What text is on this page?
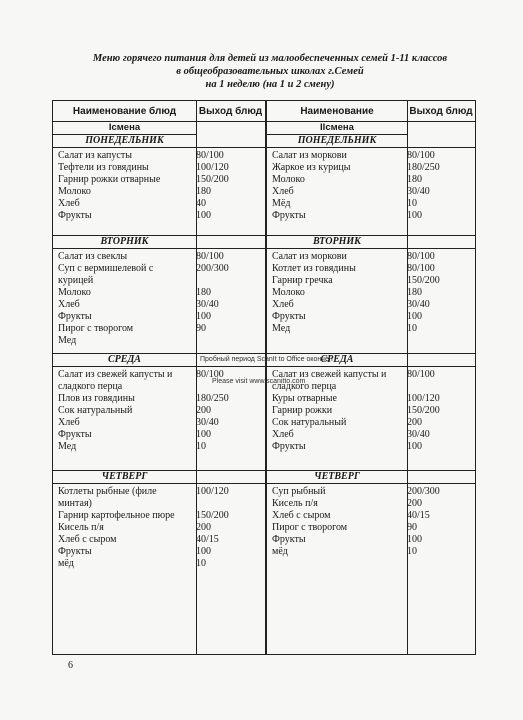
Меню горячего питания для детей из малообеспеченных семей 1-11 классов
в общеобразовательных школах г.Семей
на 1 неделю (на 1 и 2 смену)
Наименование блюд	Выход блюд
Iсмена
ПОНЕДЕЛЬНИК
Салат из капусты	80/100
Тефтели из говядины	100/120
Гарнир рожки отварные	150/200
Молоко	180
Хлеб	40
Фрукты	100
ВТОРНИК
Салат из свеклы	80/100
Суп с вермишелевой с курицей
200/300
Молоко	180
Хлеб	30/40
Фрукты	100
Пирог с творогом	90
Мед
СРЕДА
Салат из свежей капусты и сладкого перца
80/100
Плов из говядины	180/250
Сок натуральный	200
Хлеб	30/40
Фрукты	100
Мед	10
ЧЕТВЕРГ
Котлеты рыбные (филе минтая)
100/120
Гарнир картофельное пюре	150/200
Кисель п/я	200
Хлеб с сыром	40/15
Фрукты	100
мёд	10
Наименование	Выход блюд
IIсмена
ПОНЕДЕЛЬНИК
Салат из моркови	80/100
Жаркое из курицы	180/250
Молоко	180
Хлеб	30/40
Мёд	10
Фрукты	100
ВТОРНИК
Салат из моркови	80/100
Котлет из говядины	80/100
Гарнир гречка	150/200
Молоко	180
Хлеб	30/40
Фрукты	100
Мед	10
СРЕДА
Салат из свежей капусты и сладкого перца
80/100
Куры отварные	100/120
Гарнир рожки	150/200
Сок натуральный	200
Хлеб	30/40
Фрукты	100
ЧЕТВЕРГ
Суп рыбный	200/300
Кисель п/я	200
Хлеб с сыром	40/15
Пирог с творогом	90
Фрукты	100
мёд	10
Пробный период ScanIt to Office окончен
Please visit www.scanitto.com
6
